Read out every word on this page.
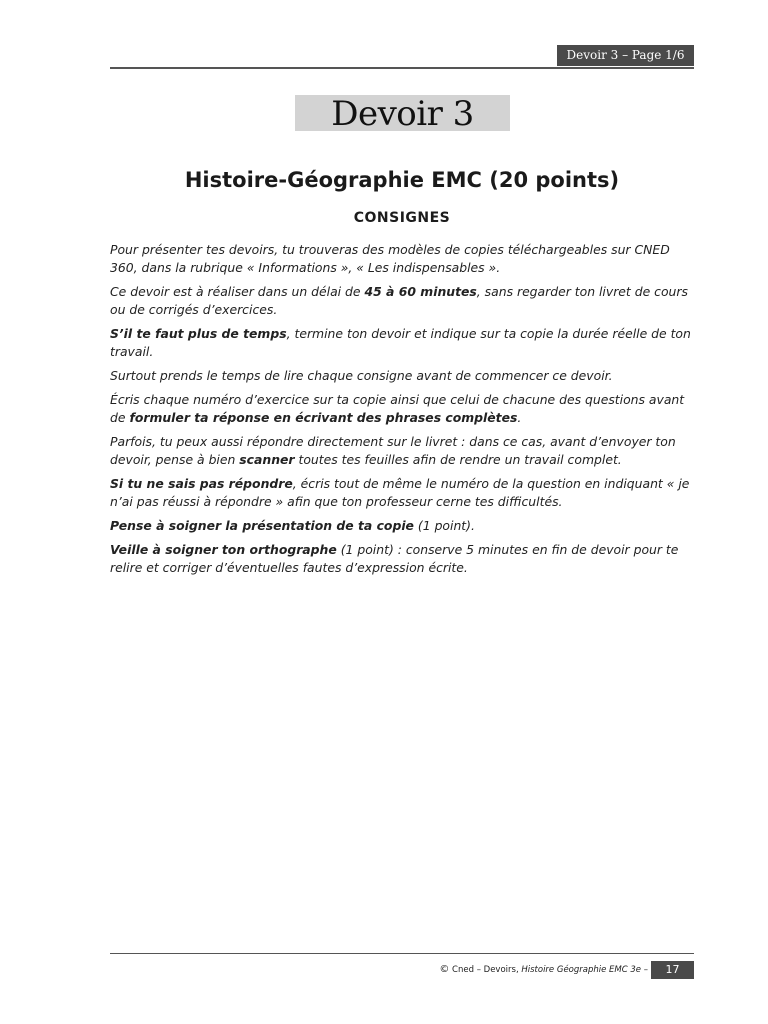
Devoir 3 – Page 1/6
Devoir 3
Histoire-Géographie EMC (20 points)
CONSIGNES

Pour présenter tes devoirs, tu trouveras des modèles de copies téléchargeables sur CNED 360, dans la rubrique « Informations », « Les indispensables ».

Ce devoir est à réaliser dans un délai de 45 à 60 minutes, sans regarder ton livret de cours ou de corrigés d’exercices.

S’il te faut plus de temps, termine ton devoir et indique sur ta copie la durée réelle de ton travail.

Surtout prends le temps de lire chaque consigne avant de commencer ce devoir.

Écris chaque numéro d’exercice sur ta copie ainsi que celui de chacune des questions avant de formuler ta réponse en écrivant des phrases complètes.

Parfois, tu peux aussi répondre directement sur le livret : dans ce cas, avant d’envoyer ton devoir, pense à bien scanner toutes tes feuilles afin de rendre un travail complet.

Si tu ne sais pas répondre, écris tout de même le numéro de la question en indiquant « je n’ai pas réussi à répondre » afin que ton professeur cerne tes difficultés.

Pense à soigner la présentation de ta copie (1 point).

Veille à soigner ton orthographe (1 point) : conserve 5 minutes en fin de devoir pour te relire et corriger d’éventuelles fautes d’expression écrite.

© Cned – Devoirs, Histoire Géographie EMC 3e –	17
